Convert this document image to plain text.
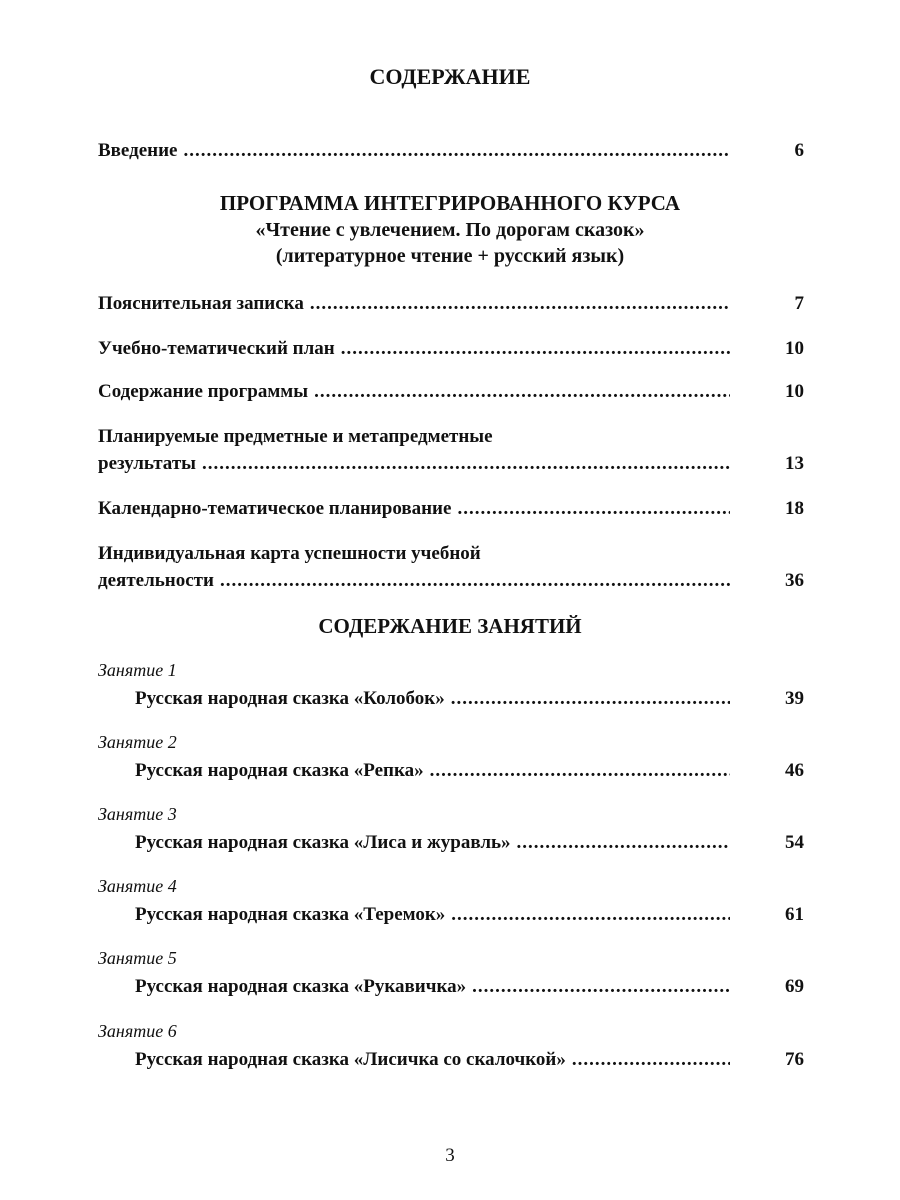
СОДЕРЖАНИЕ
Введение .....	6
ПРОГРАММА ИНТЕГРИРОВАННОГО КУРСА
«Чтение с увлечением. По дорогам сказок»
(литературное чтение + русский язык)
Пояснительная записка .....	7
Учебно-тематический план .....	10
Содержание программы .....	10
Планируемые предметные и метапредметные
результаты .....	13
Календарно-тематическое планирование .....	18
Индивидуальная карта успешности учебной
деятельности .....	36
СОДЕРЖАНИЕ ЗАНЯТИЙ
Занятие 1
Русская народная сказка «Колобок» .....	39
Занятие 2
Русская народная сказка «Репка» .....	46
Занятие 3
Русская народная сказка «Лиса и журавль» .....	54
Занятие 4
Русская народная сказка «Теремок» .....	61
Занятие 5
Русская народная сказка «Рукавичка» .....	69
Занятие 6
Русская народная сказка «Лисичка со скалочкой» .....	76
3
